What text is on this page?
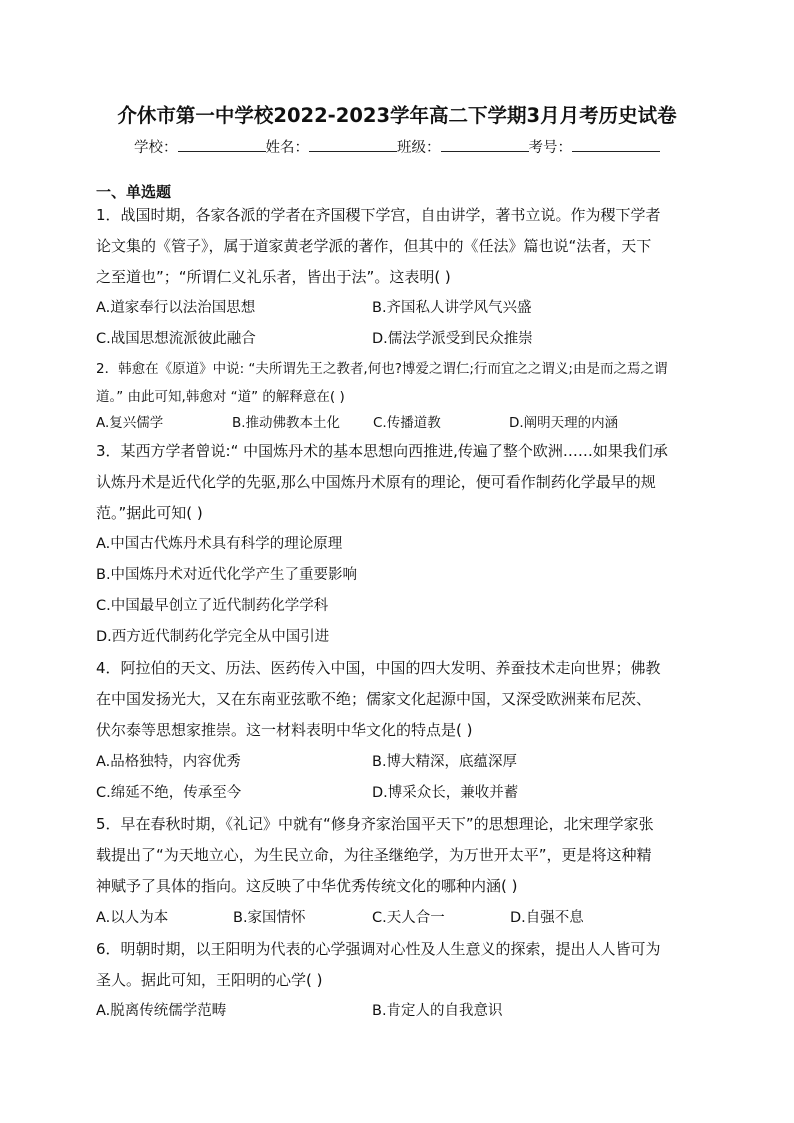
介休市第一中学校2022-2023学年高二下学期3月月考历史试卷
学校：	姓名：	班级：	考号：
一、单选题
1．战国时期，各家各派的学者在齐国稷下学宫，自由讲学，著书立说。作为稷下学者
论文集的《管子》，属于道家黄老学派的著作，但其中的《任法》篇也说“法者，天下
之至道也”；“所谓仁义礼乐者，皆出于法”。这表明( )
A.道家奉行以法治国思想	B.齐国私人讲学风气兴盛
C.战国思想流派彼此融合	D.儒法学派受到民众推崇
2．韩愈在《原道》中说: “夫所谓先王之教者,何也?博爱之谓仁;行而宜之之谓义;由是而之焉之谓
道。” 由此可知,韩愈对 “道” 的解释意在( )
A.复兴儒学	B.推动佛教本土化 C.传播道教	D.阐明天理的内涵
3．某西方学者曾说:“ 中国炼丹术的基本思想向西推进,传遍了整个欧洲……如果我们承
认炼丹术是近代化学的先驱,那么中国炼丹术原有的理论，便可看作制药化学最早的规
范。”据此可知( )
A.中国古代炼丹术具有科学的理论原理
B.中国炼丹术对近代化学产生了重要影响
C.中国最早创立了近代制药化学学科
D.西方近代制药化学完全从中国引进
4．阿拉伯的天文、历法、医药传入中国，中国的四大发明、养蚕技术走向世界；佛教
在中国发扬光大，又在东南亚弦歌不绝；儒家文化起源中国，又深受欧洲莱布尼茨、
伏尔泰等思想家推崇。这一材料表明中华文化的特点是( )
A.品格独特，内容优秀	B.博大精深，底蕴深厚
C.绵延不绝，传承至今	D.博采众长，兼收并蓄
5．早在春秋时期，《礼记》中就有“修身齐家治国平天下”的思想理论，北宋理学家张
载提出了“为天地立心，为生民立命，为往圣继绝学，为万世开太平”，更是将这种精
神赋予了具体的指向。这反映了中华优秀传统文化的哪种内涵( )
A.以人为本	B.家国情怀	C.天人合一	D.自强不息
6．明朝时期，以王阳明为代表的心学强调对心性及人生意义的探索，提出人人皆可为
圣人。据此可知，王阳明的心学( )
A.脱离传统儒学范畴	B.肯定人的自我意识
